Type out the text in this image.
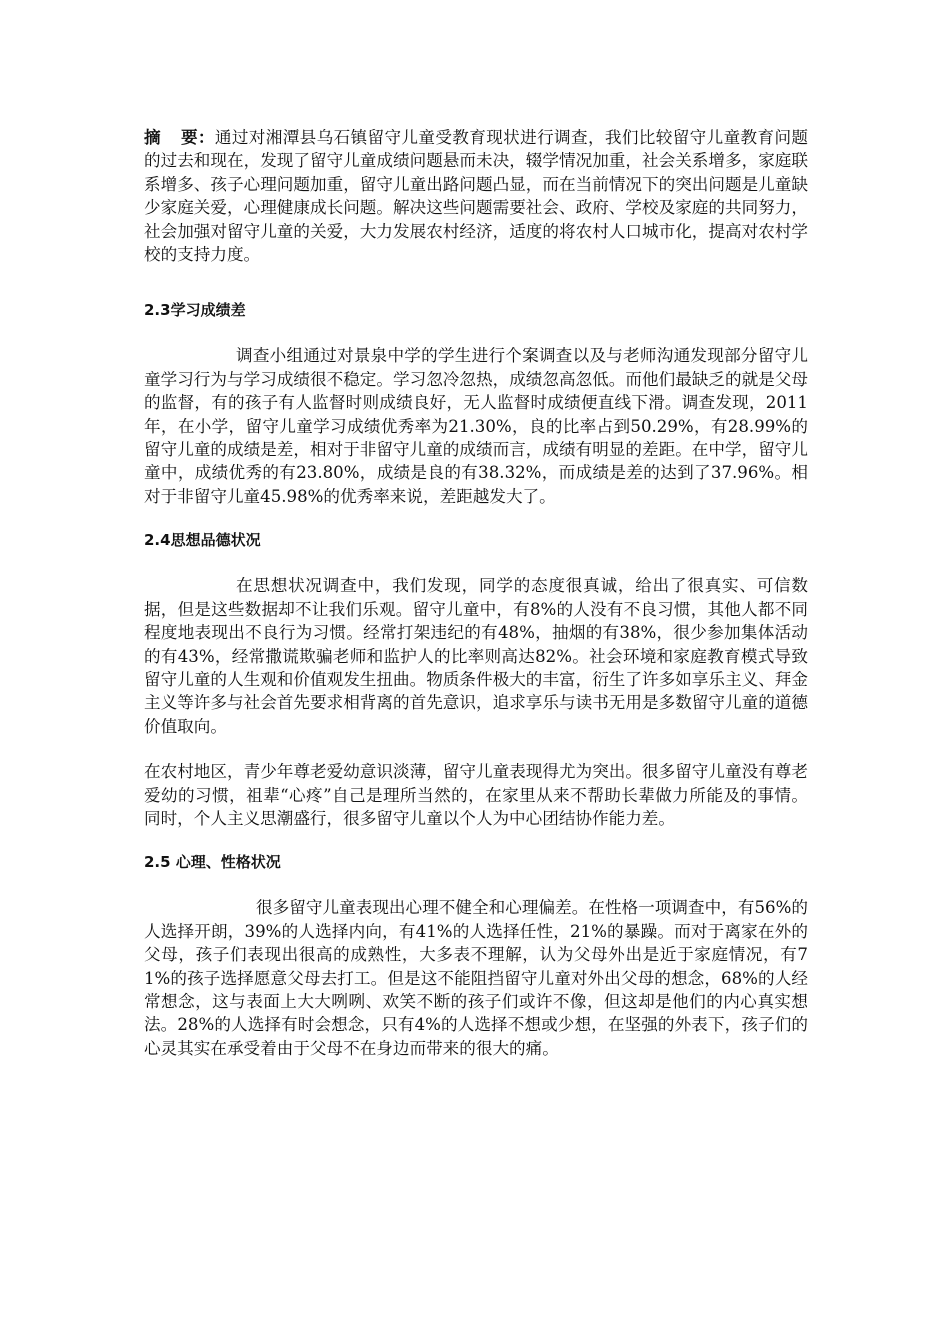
摘要：通过对湘潭县乌石镇留守儿童受教育现状进行调查，我们比较留守儿童教育问题的过去和现在，发现了留守儿童成绩问题悬而未决，辍学情况加重，社会关系增多，家庭联系增多、孩子心理问题加重，留守儿童出路问题凸显，而在当前情况下的突出问题是儿童缺少家庭关爱，心理健康成长问题。解决这些问题需要社会、政府、学校及家庭的共同努力，社会加强对留守儿童的关爱，大力发展农村经济，适度的将农村人口城市化，提高对农村学校的支持力度。

2.3学习成绩差

调查小组通过对景泉中学的学生进行个案调查以及与老师沟通发现部分留守儿童学习行为与学习成绩很不稳定。学习忽冷忽热，成绩忽高忽低。而他们最缺乏的就是父母的监督，有的孩子有人监督时则成绩良好，无人监督时成绩便直线下滑。调查发现，2011年，在小学，留守儿童学习成绩优秀率为21.30%，良的比率占到50.29%，有28.99%的留守儿童的成绩是差，相对于非留守儿童的成绩而言，成绩有明显的差距。在中学，留守儿童中，成绩优秀的有23.80%，成绩是良的有38.32%，而成绩是差的达到了37.96%。相对于非留守儿童45.98%的优秀率来说，差距越发大了。

2.4思想品德状况

在思想状况调查中，我们发现，同学的态度很真诚，给出了很真实、可信数据，但是这些数据却不让我们乐观。留守儿童中，有8%的人没有不良习惯，其他人都不同程度地表现出不良行为习惯。经常打架违纪的有48%，抽烟的有38%，很少参加集体活动的有43%，经常撒谎欺骗老师和监护人的比率则高达82%。社会环境和家庭教育模式导致留守儿童的人生观和价值观发生扭曲。物质条件极大的丰富，衍生了许多如享乐主义、拜金主义等许多与社会首先要求相背离的首先意识，追求享乐与读书无用是多数留守儿童的道德价值取向。

在农村地区，青少年尊老爱幼意识淡薄，留守儿童表现得尤为突出。很多留守儿童没有尊老爱幼的习惯，祖辈“心疼”自己是理所当然的，在家里从来不帮助长辈做力所能及的事情。同时，个人主义思潮盛行，很多留守儿童以个人为中心团结协作能力差。

2.5 心理、性格状况

很多留守儿童表现出心理不健全和心理偏差。在性格一项调查中，有56%的人选择开朗，39%的人选择内向，有41%的人选择任性，21%的暴躁。而对于离家在外的父母，孩子们表现出很高的成熟性，大多表不理解，认为父母外出是近于家庭情况，有71%的孩子选择愿意父母去打工。但是这不能阻挡留守儿童对外出父母的想念，68%的人经常想念，这与表面上大大咧咧、欢笑不断的孩子们或许不像，但这却是他们的内心真实想法。28%的人选择有时会想念，只有4%的人选择不想或少想，在坚强的外表下，孩子们的心灵其实在承受着由于父母不在身边而带来的很大的痛。
